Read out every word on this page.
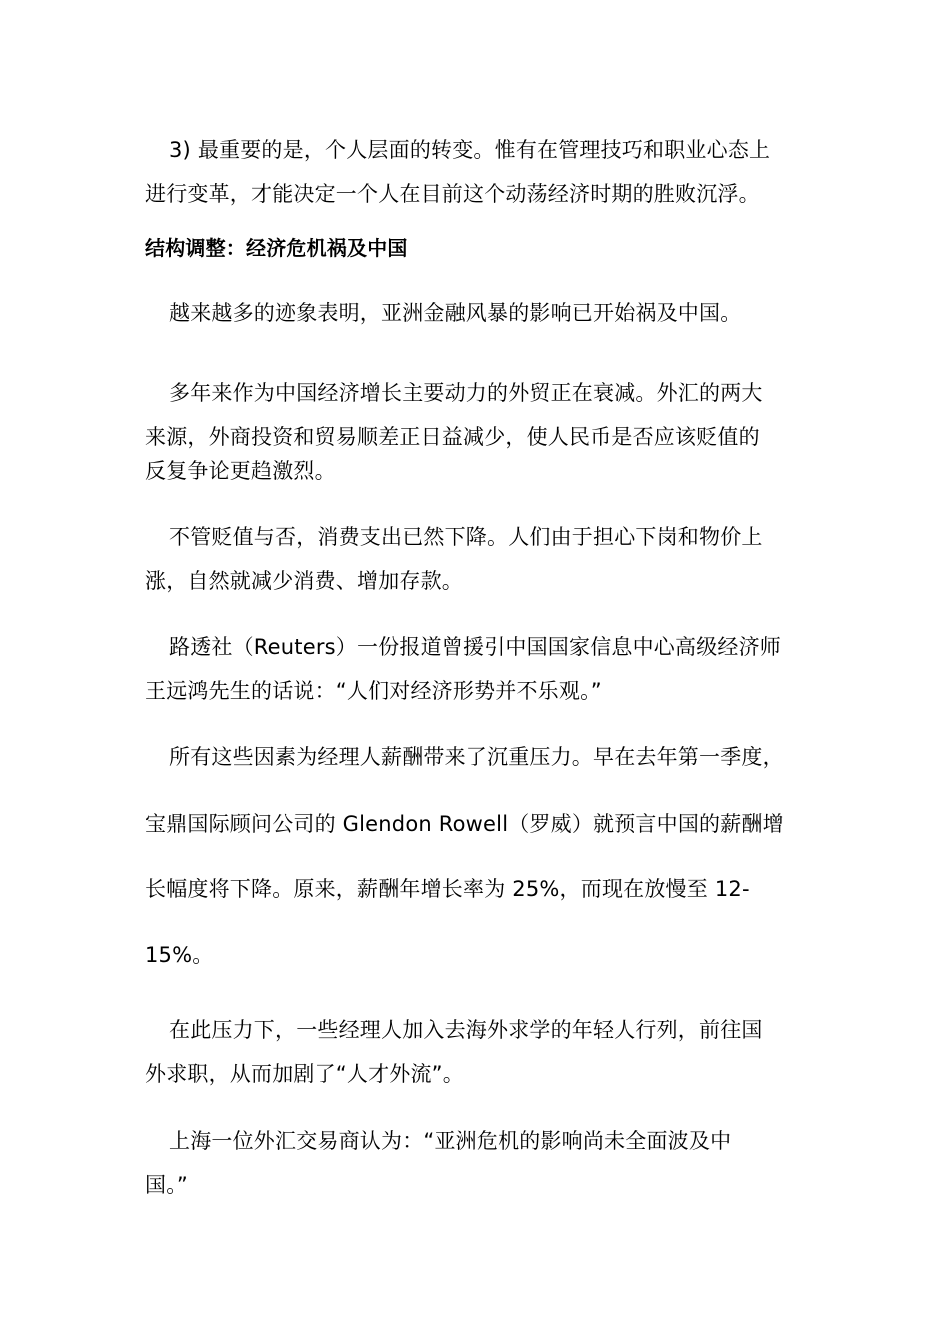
3) 最重要的是，个人层面的转变。惟有在管理技巧和职业心态上
进行变革，才能决定一个人在目前这个动荡经济时期的胜败沉浮。
结构调整：经济危机祸及中国
越来越多的迹象表明，亚洲金融风暴的影响已开始祸及中国。
多年来作为中国经济增长主要动力的外贸正在衰减。外汇的两大
来源，外商投资和贸易顺差正日益减少，使人民币是否应该贬值的
反复争论更趋激烈。
不管贬值与否，消费支出已然下降。人们由于担心下岗和物价上
涨，自然就减少消费、增加存款。
路透社（Reuters）一份报道曾援引中国国家信息中心高级经济师
王远鸿先生的话说：“人们对经济形势并不乐观。”
所有这些因素为经理人薪酬带来了沉重压力。早在去年第一季度，
宝鼎国际顾问公司的 Glendon Rowell（罗威）就预言中国的薪酬增
长幅度将下降。原来，薪酬年增长率为 25%，而现在放慢至 12-
15%。
在此压力下，一些经理人加入去海外求学的年轻人行列，前往国
外求职，从而加剧了“人才外流”。
上海一位外汇交易商认为：“亚洲危机的影响尚未全面波及中
国。”
